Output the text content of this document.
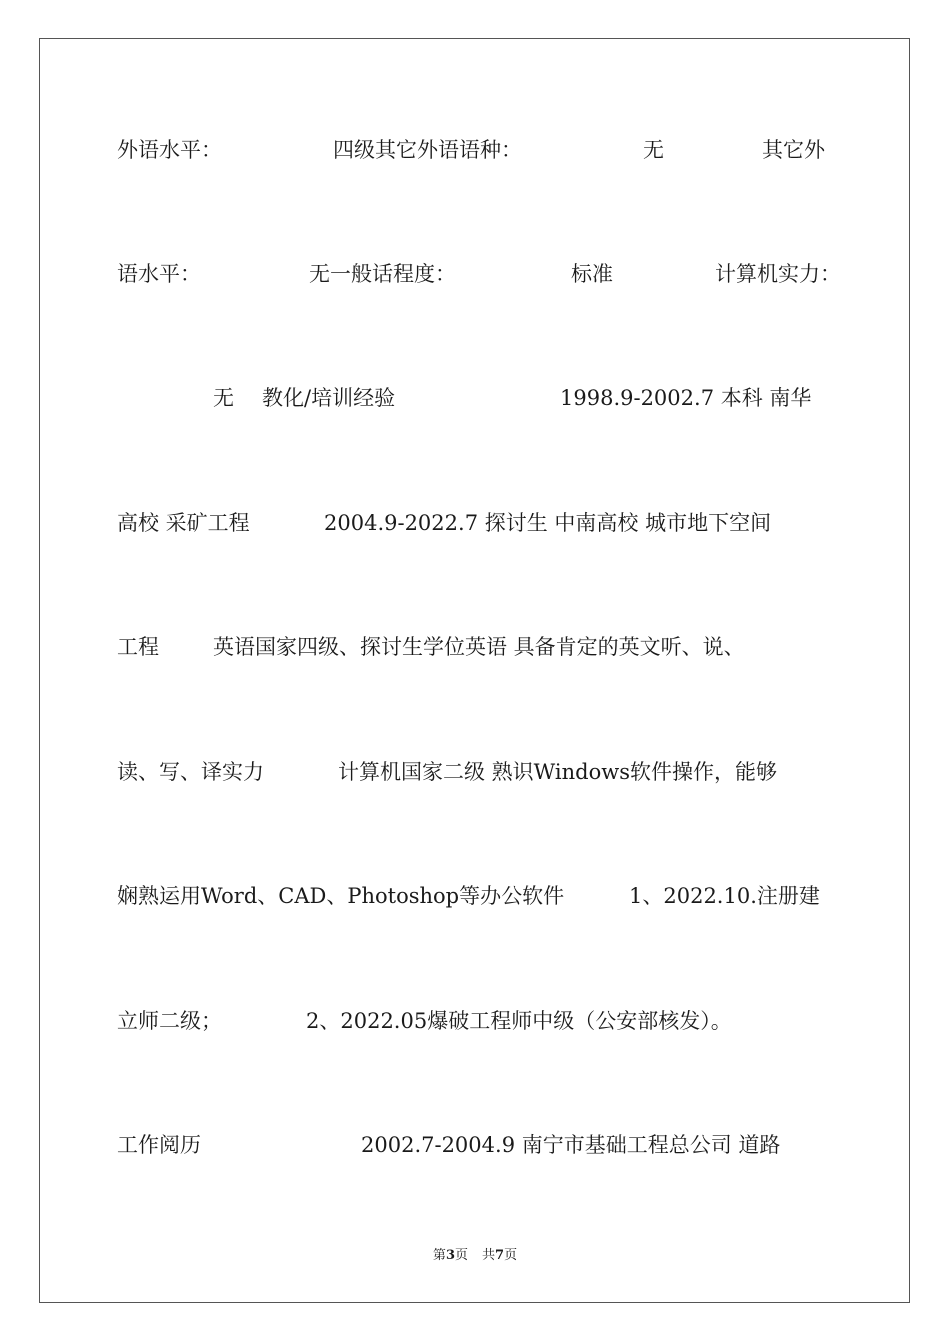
外语水平：	四级其它外语语种：	无	其它外
语水平：	无一般话程度：	标准	计算机实力：
无 教化/培训经验	1998.9-2002.7 本科 南华
高校 采矿工程	2004.9-2022.7 探讨生 中南高校 城市地下空间
工程	英语国家四级、探讨生学位英语 具备肯定的英文听、说、
读、写、译实力	计算机国家二级 熟识Windows软件操作，能够
娴熟运用Word、CAD、Photoshop等办公软件	1、2022.10.注册建
立师二级；	2、2022.05爆破工程师中级（公安部核发）。
工作阅历	2002.7-2004.9 南宁市基础工程总公司 道路
第3页 共7页
